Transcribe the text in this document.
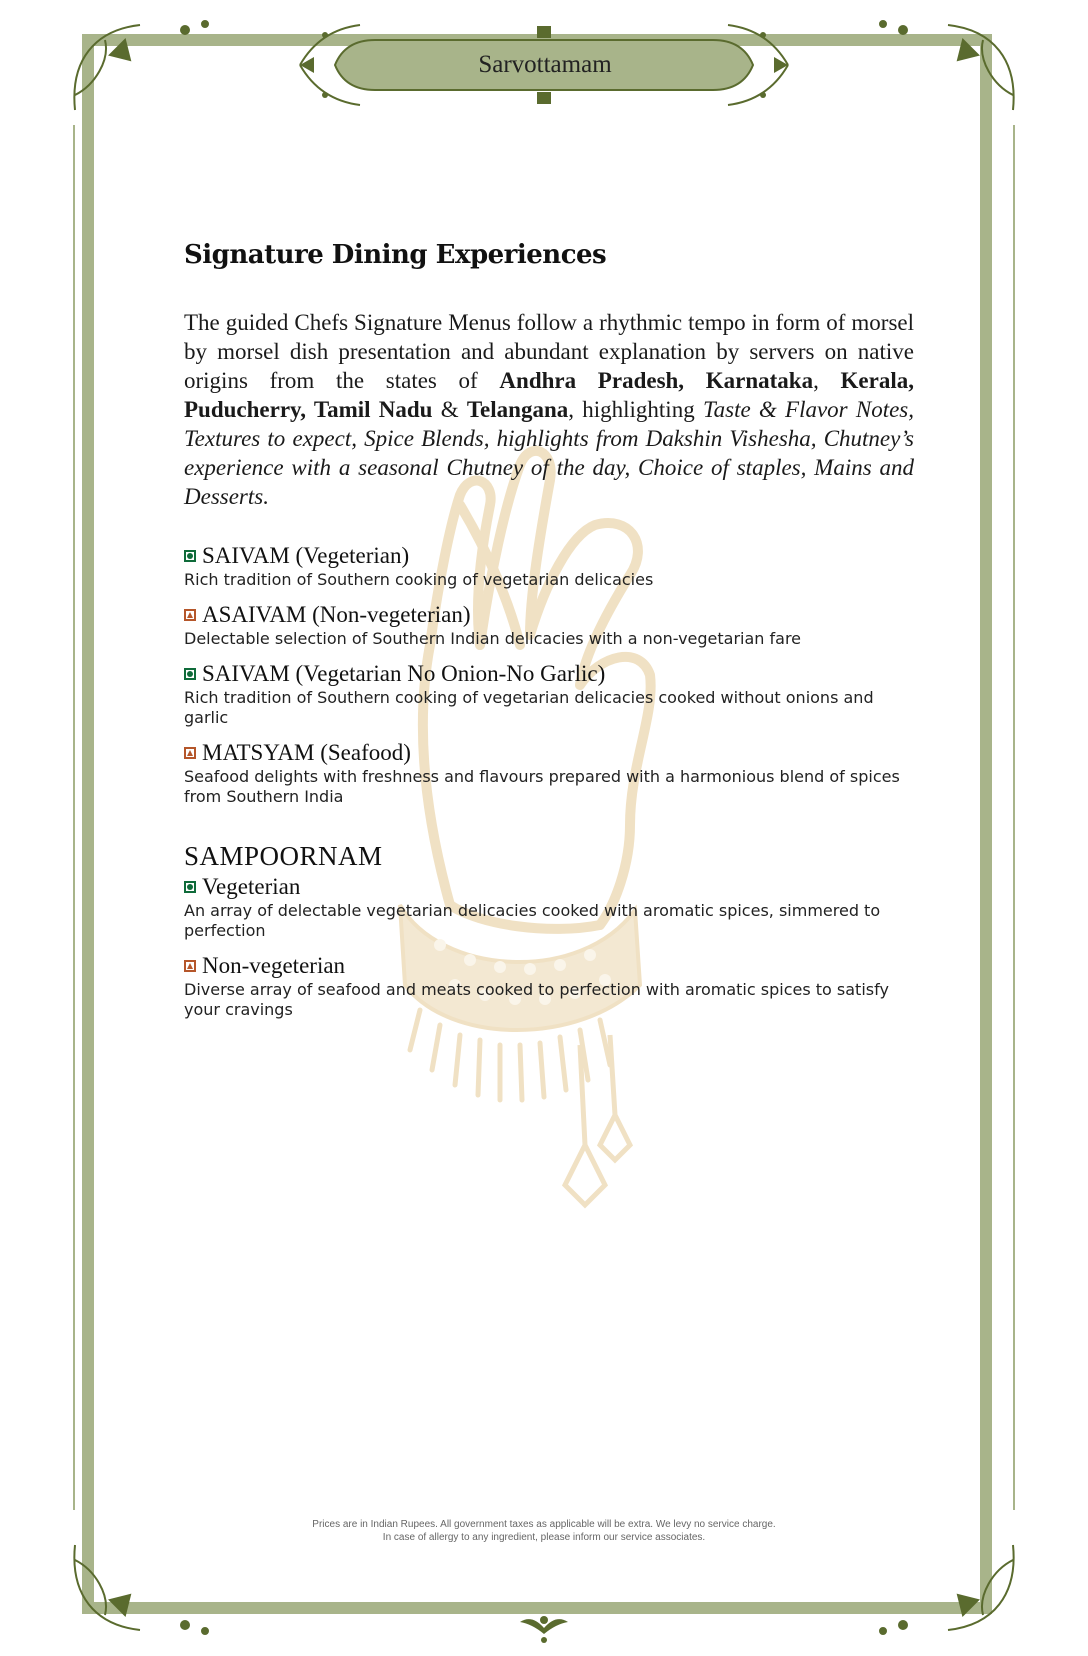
Sarvottamam
Signature Dining Experiences

The guided Chefs Signature Menus follow a rhythmic tempo in form of morsel by morsel dish presentation and abundant explanation by servers on native origins from the states of Andhra Pradesh, Karnataka, Kerala, Puducherry, Tamil Nadu & Telangana, highlighting Taste & Flavor Notes, Textures to expect, Spice Blends, highlights from Dakshin Vishesha, Chutney’s experience with a seasonal Chutney of the day, Choice of staples, Mains and Desserts.

SAIVAM (Vegeterian)
Rich tradition of Southern cooking of vegetarian delicacies
ASAIVAM (Non-vegeterian)
Delectable selection of Southern Indian delicacies with a non-vegetarian fare
SAIVAM (Vegetarian No Onion-No Garlic)
Rich tradition of Southern cooking of vegetarian delicacies cooked without onions and garlic
MATSYAM (Seafood)
Seafood delights with freshness and flavours prepared with a harmonious blend of spices from Southern India
SAMPOORNAM
Vegeterian
An array of delectable vegetarian delicacies cooked with aromatic spices, simmered to perfection
Non-vegeterian
Diverse array of seafood and meats cooked to perfection with aromatic spices to satisfy your cravings
Prices are in Indian Rupees. All government taxes as applicable will be extra. We levy no service charge.
In case of allergy to any ingredient, please inform our service associates.
